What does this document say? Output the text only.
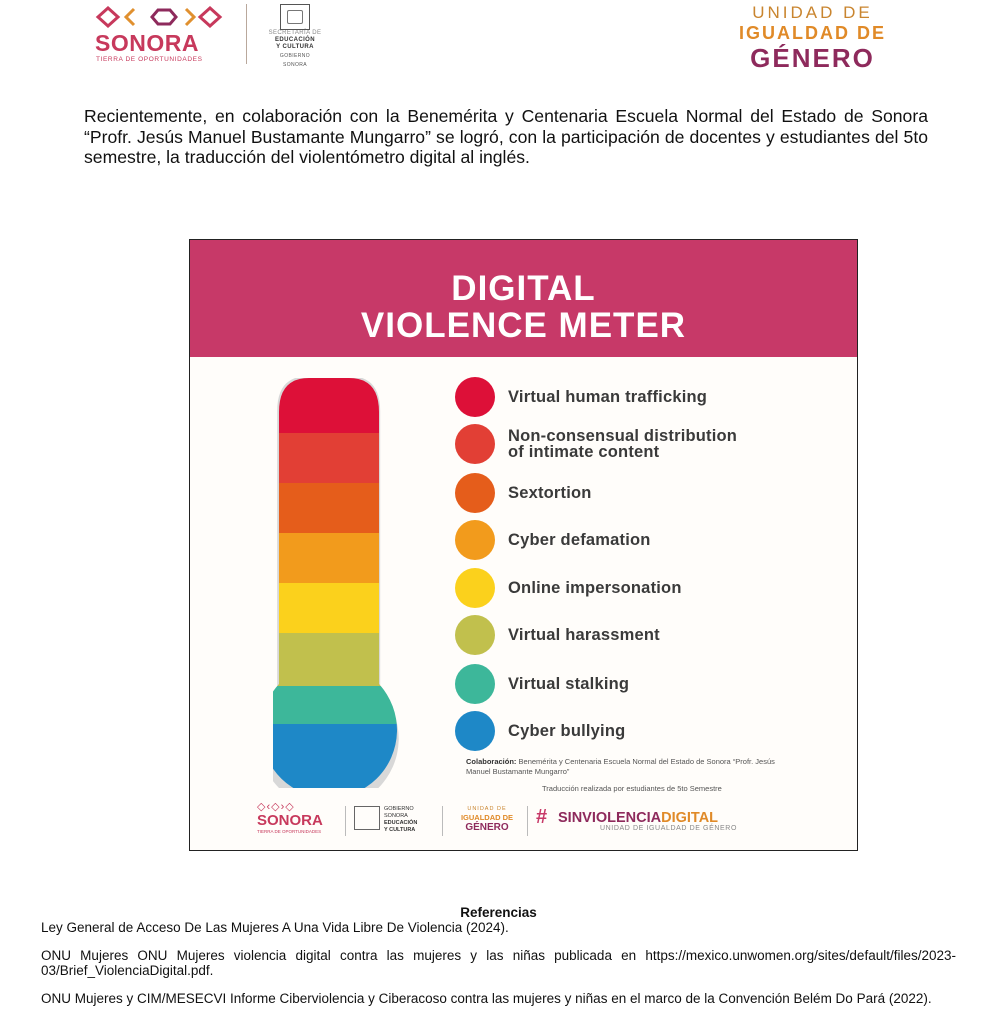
SONORA
TIERRA DE OPORTUNIDADES
SECRETARÍA DE
EDUCACIÓN
Y CULTURA
GOBIERNO
SONORA
UNIDAD DE
IGUALDAD DE
GÉNERO

Recientemente, en colaboración con la Benemérita y Centenaria Escuela Normal del Estado de Sonora “Profr. Jesús Manuel Bustamante Mungarro” se logró, con la participación de docentes y estudiantes del 5to semestre, la traducción del violentómetro digital al inglés.

DIGITAL
VIOLENCE METER
Virtual human trafficking
Non-consensual distribution
of intimate content
Sextortion
Cyber defamation
Online impersonation
Virtual harassment
Virtual stalking
Cyber bullying
Colaboración: Benemérita y Centenaria Escuela Normal del Estado de Sonora “Profr. Jesús Manuel Bustamante Mungarro”
Traducción realizada por estudiantes de 5to Semestre
◇‹◇›◇
SONORA
TIERRA DE OPORTUNIDADES
GOBIERNO
SONORA
EDUCACIÓN
Y CULTURA
UNIDAD DE
IGUALDAD DE
GÉNERO	# SINVIOLENCIADIGITAL
UNIDAD DE IGUALDAD DE GÉNERO
Referencias

Ley General de Acceso De Las Mujeres A Una Vida Libre De Violencia (2024).

ONU Mujeres ONU Mujeres violencia digital contra las mujeres y las niñas publicada en https://mexico.unwomen.org/sites/default/files/2023-03/Brief_ViolenciaDigital.pdf.

ONU Mujeres y CIM/MESECVI Informe Ciberviolencia y Ciberacoso contra las mujeres y niñas en el marco de la Convención Belém Do Pará (2022).
